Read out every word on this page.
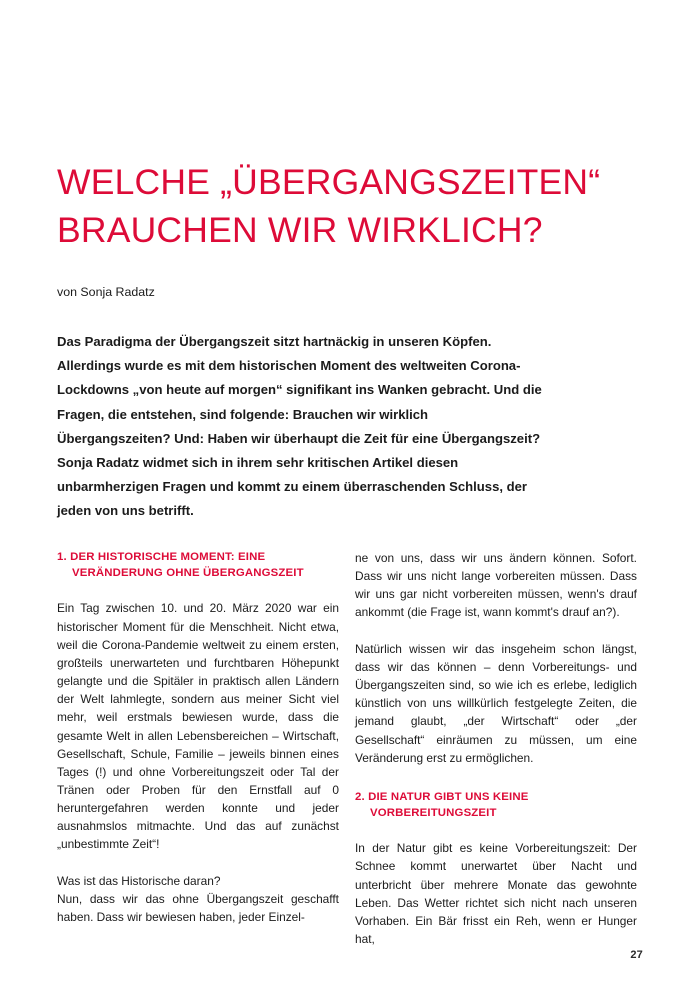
WELCHE „ÜBERGANGSZEITEN“
BRAUCHEN WIR WIRKLICH?
von Sonja Radatz

Das Paradigma der Übergangszeit sitzt hartnäckig in unseren Köpfen. Allerdings wurde es mit dem historischen Moment des weltweiten Corona-Lockdowns „von heute auf morgen“ signifikant ins Wanken gebracht. Und die Fragen, die entstehen, sind folgende: Brauchen wir wirklich Übergangszeiten? Und: Haben wir überhaupt die Zeit für eine Übergangszeit? Sonja Radatz widmet sich in ihrem sehr kritischen Artikel diesen unbarmherzigen Fragen und kommt zu einem überraschenden Schluss, der jeden von uns betrifft.

1. DER HISTORISCHE MOMENT: EINE
VERÄNDERUNG OHNE ÜBERGANGSZEIT

Ein Tag zwischen 10. und 20. März 2020 war ein historischer Moment für die Menschheit. Nicht etwa, weil die Corona-Pandemie weltweit zu einem ersten, großteils unerwarteten und furchtbaren Höhepunkt gelangte und die Spitäler in praktisch allen Ländern der Welt lahmlegte, sondern aus meiner Sicht viel mehr, weil erstmals bewiesen wurde, dass die gesamte Welt in allen Lebensbereichen – Wirtschaft, Gesellschaft, Schule, Familie – jeweils binnen eines Tages (!) und ohne Vorbereitungszeit oder Tal der Tränen oder Proben für den Ernstfall auf 0 heruntergefahren werden konnte und jeder ausnahmslos mitmachte. Und das auf zunächst „unbestimmte Zeit“!

Was ist das Historische daran?

Nun, dass wir das ohne Übergangszeit geschafft haben. Dass wir bewiesen haben, jeder Einzel-

ne von uns, dass wir uns ändern können. Sofort. Dass wir uns nicht lange vorbereiten müssen. Dass wir uns gar nicht vorbereiten müssen, wenn's drauf ankommt (die Frage ist, wann kommt's drauf an?).

Natürlich wissen wir das insgeheim schon längst, dass wir das können – denn Vorbereitungs- und Übergangszeiten sind, so wie ich es erlebe, lediglich künstlich von uns willkürlich festgelegte Zeiten, die jemand glaubt, „der Wirtschaft“ oder „der Gesellschaft“ einräumen zu müssen, um eine Veränderung erst zu ermöglichen.

2. DIE NATUR GIBT UNS KEINE
VORBEREITUNGSZEIT

In der Natur gibt es keine Vorbereitungszeit: Der Schnee kommt unerwartet über Nacht und unterbricht über mehrere Monate das gewohnte Leben. Das Wetter richtet sich nicht nach unseren Vorhaben. Ein Bär frisst ein Reh, wenn er Hunger hat,

27
